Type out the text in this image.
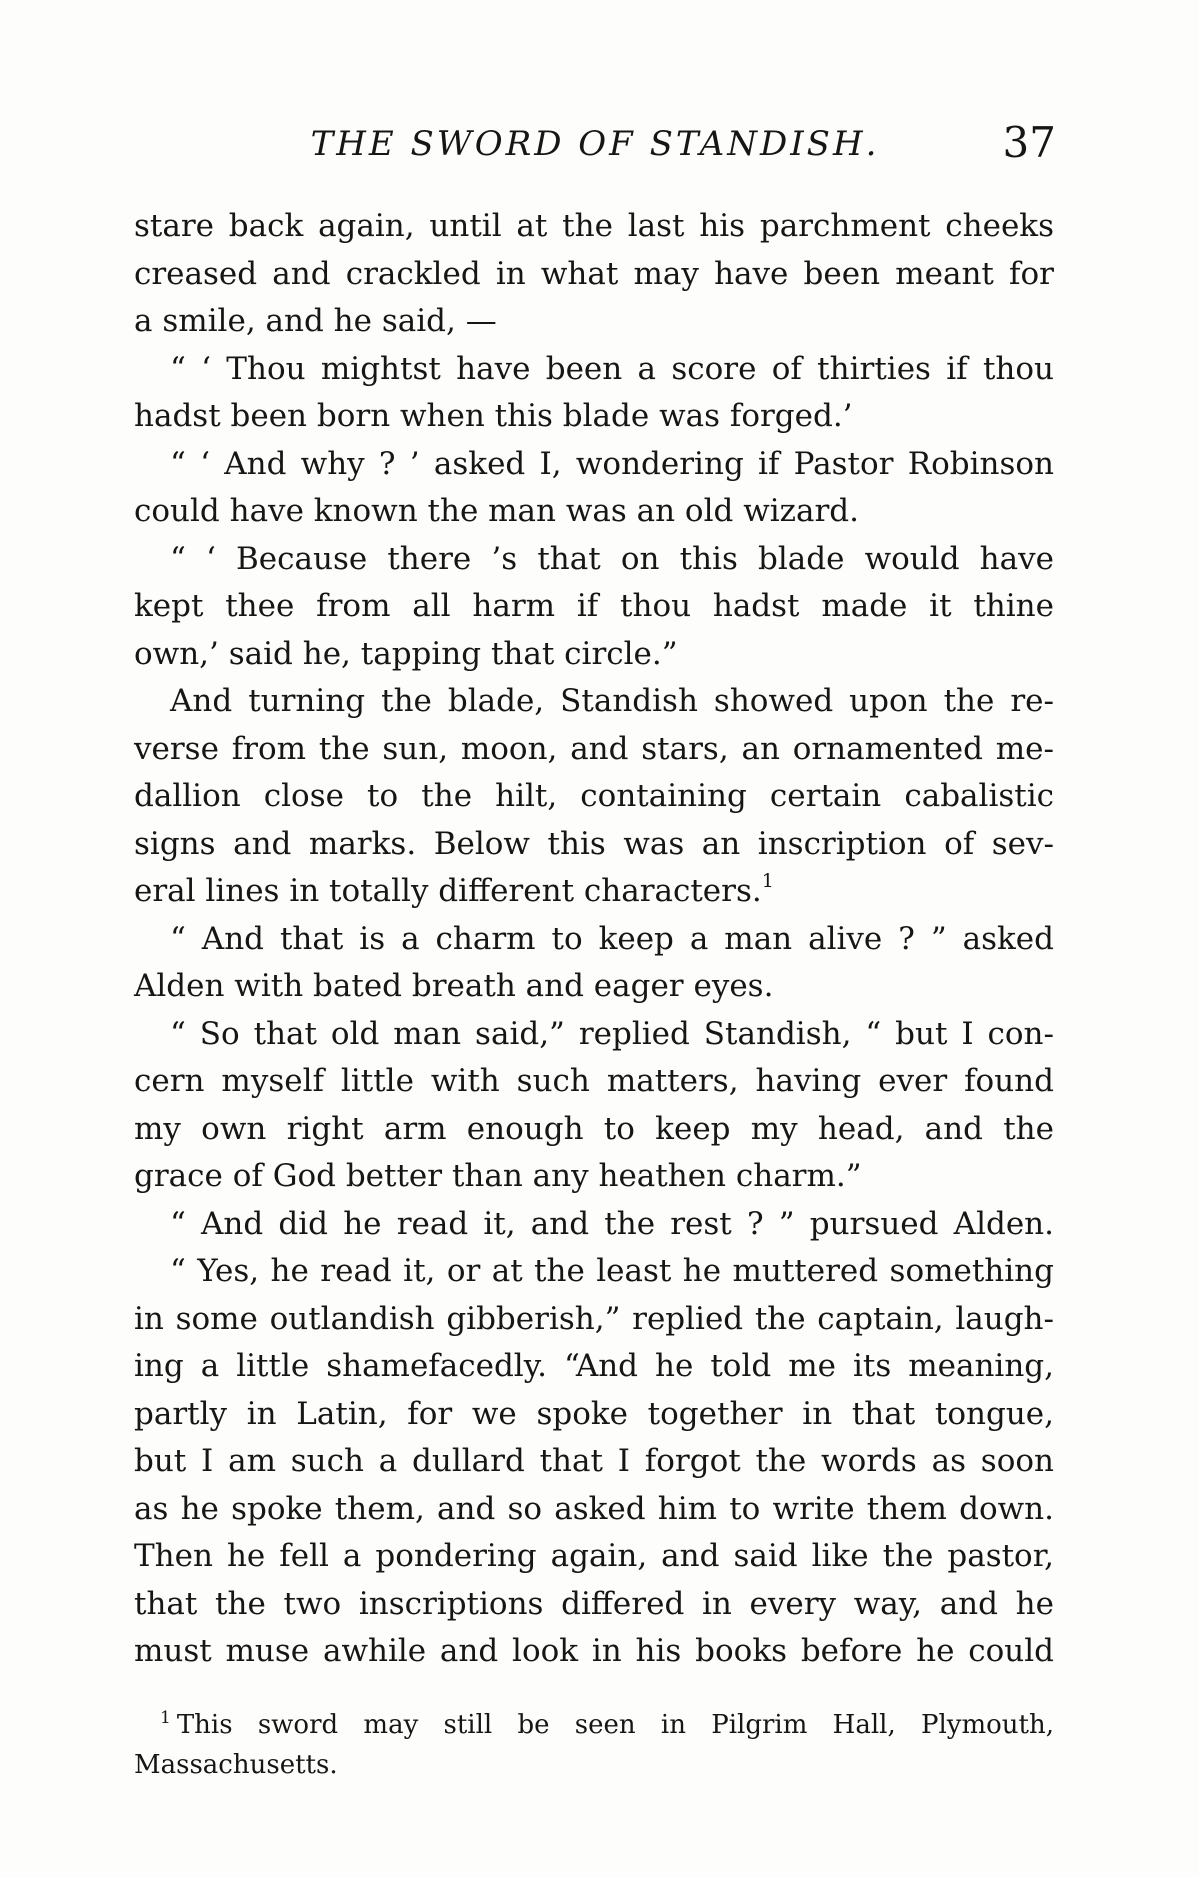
THE SWORD OF STANDISH.	37
stare back again, until at the last his parchment cheeks
creased and crackled in what may have been meant for
a smile, and he said, —
“ ‘ Thou mightst have been a score of thirties if thou
hadst been born when this blade was forged.’
“ ‘ And why ? ’ asked I, wondering if Pastor Robinson
could have known the man was an old wizard.
“ ‘ Because there ’s that on this blade would have
kept thee from all harm if thou hadst made it thine
own,’ said he, tapping that circle.”
And turning the blade, Standish showed upon the re-
verse from the sun, moon, and stars, an ornamented me-
dallion close to the hilt, containing certain cabalistic
signs and marks. Below this was an inscription of sev-
eral lines in totally different characters.$^1$
“ And that is a charm to keep a man alive ? ” asked
Alden with bated breath and eager eyes.
“ So that old man said,” replied Standish, “ but I con-
cern myself little with such matters, having ever found
my own right arm enough to keep my head, and the
grace of God better than any heathen charm.”
“ And did he read it, and the rest ? ” pursued Alden.
“ Yes, he read it, or at the least he muttered something
in some outlandish gibberish,” replied the captain, laugh-
ing a little shamefacedly. “And he told me its meaning,
partly in Latin, for we spoke together in that tongue,
but I am such a dullard that I forgot the words as soon
as he spoke them, and so asked him to write them down.
Then he fell a pondering again, and said like the pastor,
that the two inscriptions differed in every way, and he
must muse awhile and look in his books before he could
$^1$ This sword may still be seen in Pilgrim Hall, Plymouth,
Massachusetts.
